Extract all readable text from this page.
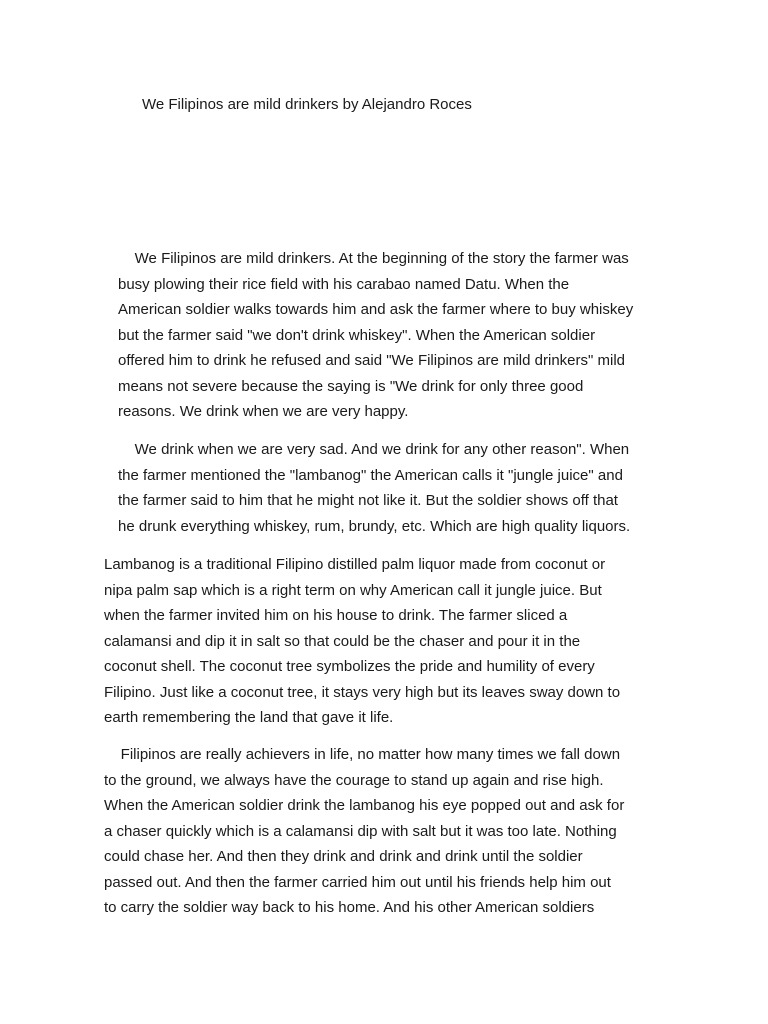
We Filipinos are mild drinkers by Alejandro Roces

We Filipinos are mild drinkers. At the beginning of the story the farmer was
busy plowing their rice field with his carabao named Datu. When the
American soldier walks towards him and ask the farmer where to buy whiskey
but the farmer said "we don't drink whiskey". When the American soldier
offered him to drink he refused and said "We Filipinos are mild drinkers" mild
means not severe because the saying is "We drink for only three good
reasons. We drink when we are very happy.

We drink when we are very sad. And we drink for any other reason". When
the farmer mentioned the "lambanog" the American calls it "jungle juice" and
the farmer said to him that he might not like it. But the soldier shows off that
he drunk everything whiskey, rum, brundy, etc. Which are high quality liquors.

Lambanog is a traditional Filipino distilled palm liquor made from coconut or
nipa palm sap which is a right term on why American call it jungle juice. But
when the farmer invited him on his house to drink. The farmer sliced a
calamansi and dip it in salt so that could be the chaser and pour it in the
coconut shell. The coconut tree symbolizes the pride and humility of every
Filipino. Just like a coconut tree, it stays very high but its leaves sway down to
earth remembering the land that gave it life.

Filipinos are really achievers in life, no matter how many times we fall down
to the ground, we always have the courage to stand up again and rise high.
When the American soldier drink the lambanog his eye popped out and ask for
a chaser quickly which is a calamansi dip with salt but it was too late. Nothing
could chase her. And then they drink and drink and drink until the soldier
passed out. And then the farmer carried him out until his friends help him out
to carry the soldier way back to his home. And his other American soldiers
